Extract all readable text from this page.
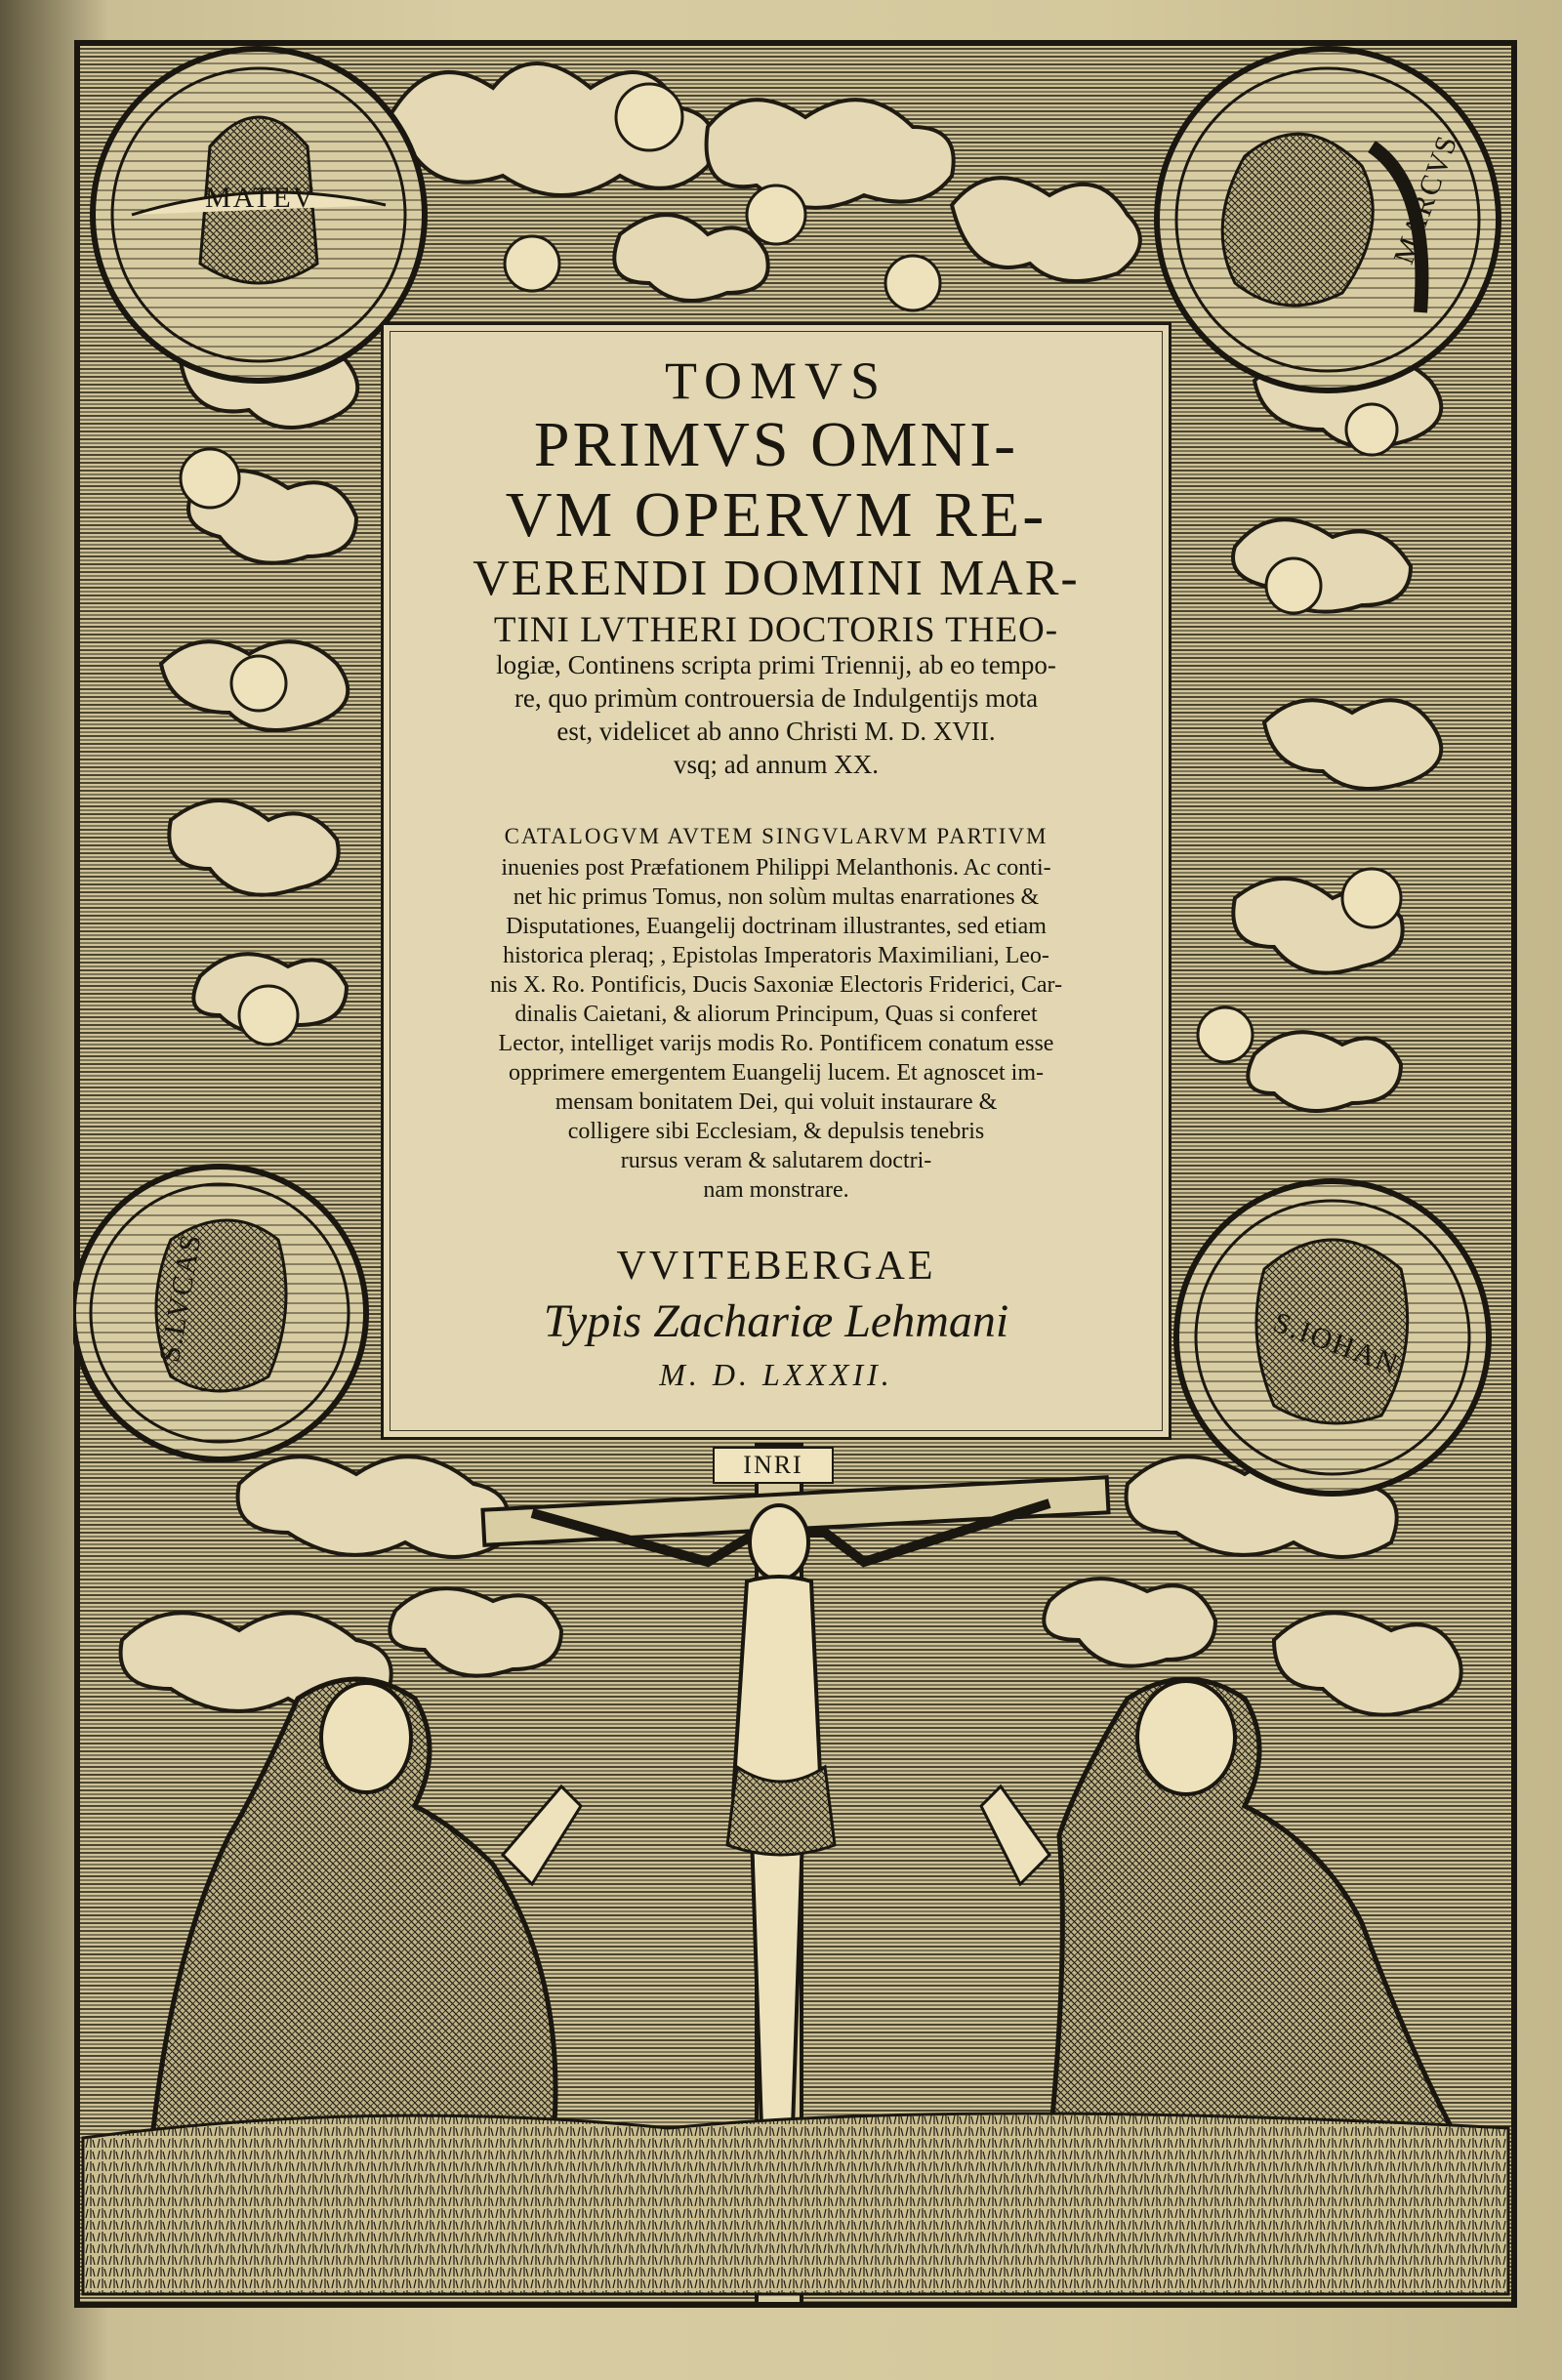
MATEV	MARCVS
S.LVCAS	S.IOHAN
INRI
TOMVS
PRIMVS OMNI-
VM OPERVM RE-
VERENDI DOMINI MAR-
TINI LVTHERI DOCTORIS THEO-
logiæ, Continens scripta primi Triennij, ab eo tempo-
re, quo primùm controuersia de Indulgentijs mota
est, videlicet ab anno Christi M. D. XVII.
vsq; ad annum XX.
CATALOGVM AVTEM SINGVLARVM PARTIVM
inuenies post Præfationem Philippi Melanthonis. Ac conti-
net hic primus Tomus, non solùm multas enarrationes &
Disputationes, Euangelij doctrinam illustrantes, sed etiam
historica pleraq; , Epistolas Imperatoris Maximiliani, Leo-
nis X. Ro. Pontificis, Ducis Saxoniæ Electoris Friderici, Car-
dinalis Caietani, & aliorum Principum, Quas si conferet
Lector, intelliget varijs modis Ro. Pontificem conatum esse
opprimere emergentem Euangelij lucem. Et agnoscet im-
mensam bonitatem Dei, qui voluit instaurare &
colligere sibi Ecclesiam, & depulsis tenebris
rursus veram & salutarem doctri-
nam monstrare.
VVITEBERGAE
Typis Zachariæ Lehmani
M. D. LXXXII.
